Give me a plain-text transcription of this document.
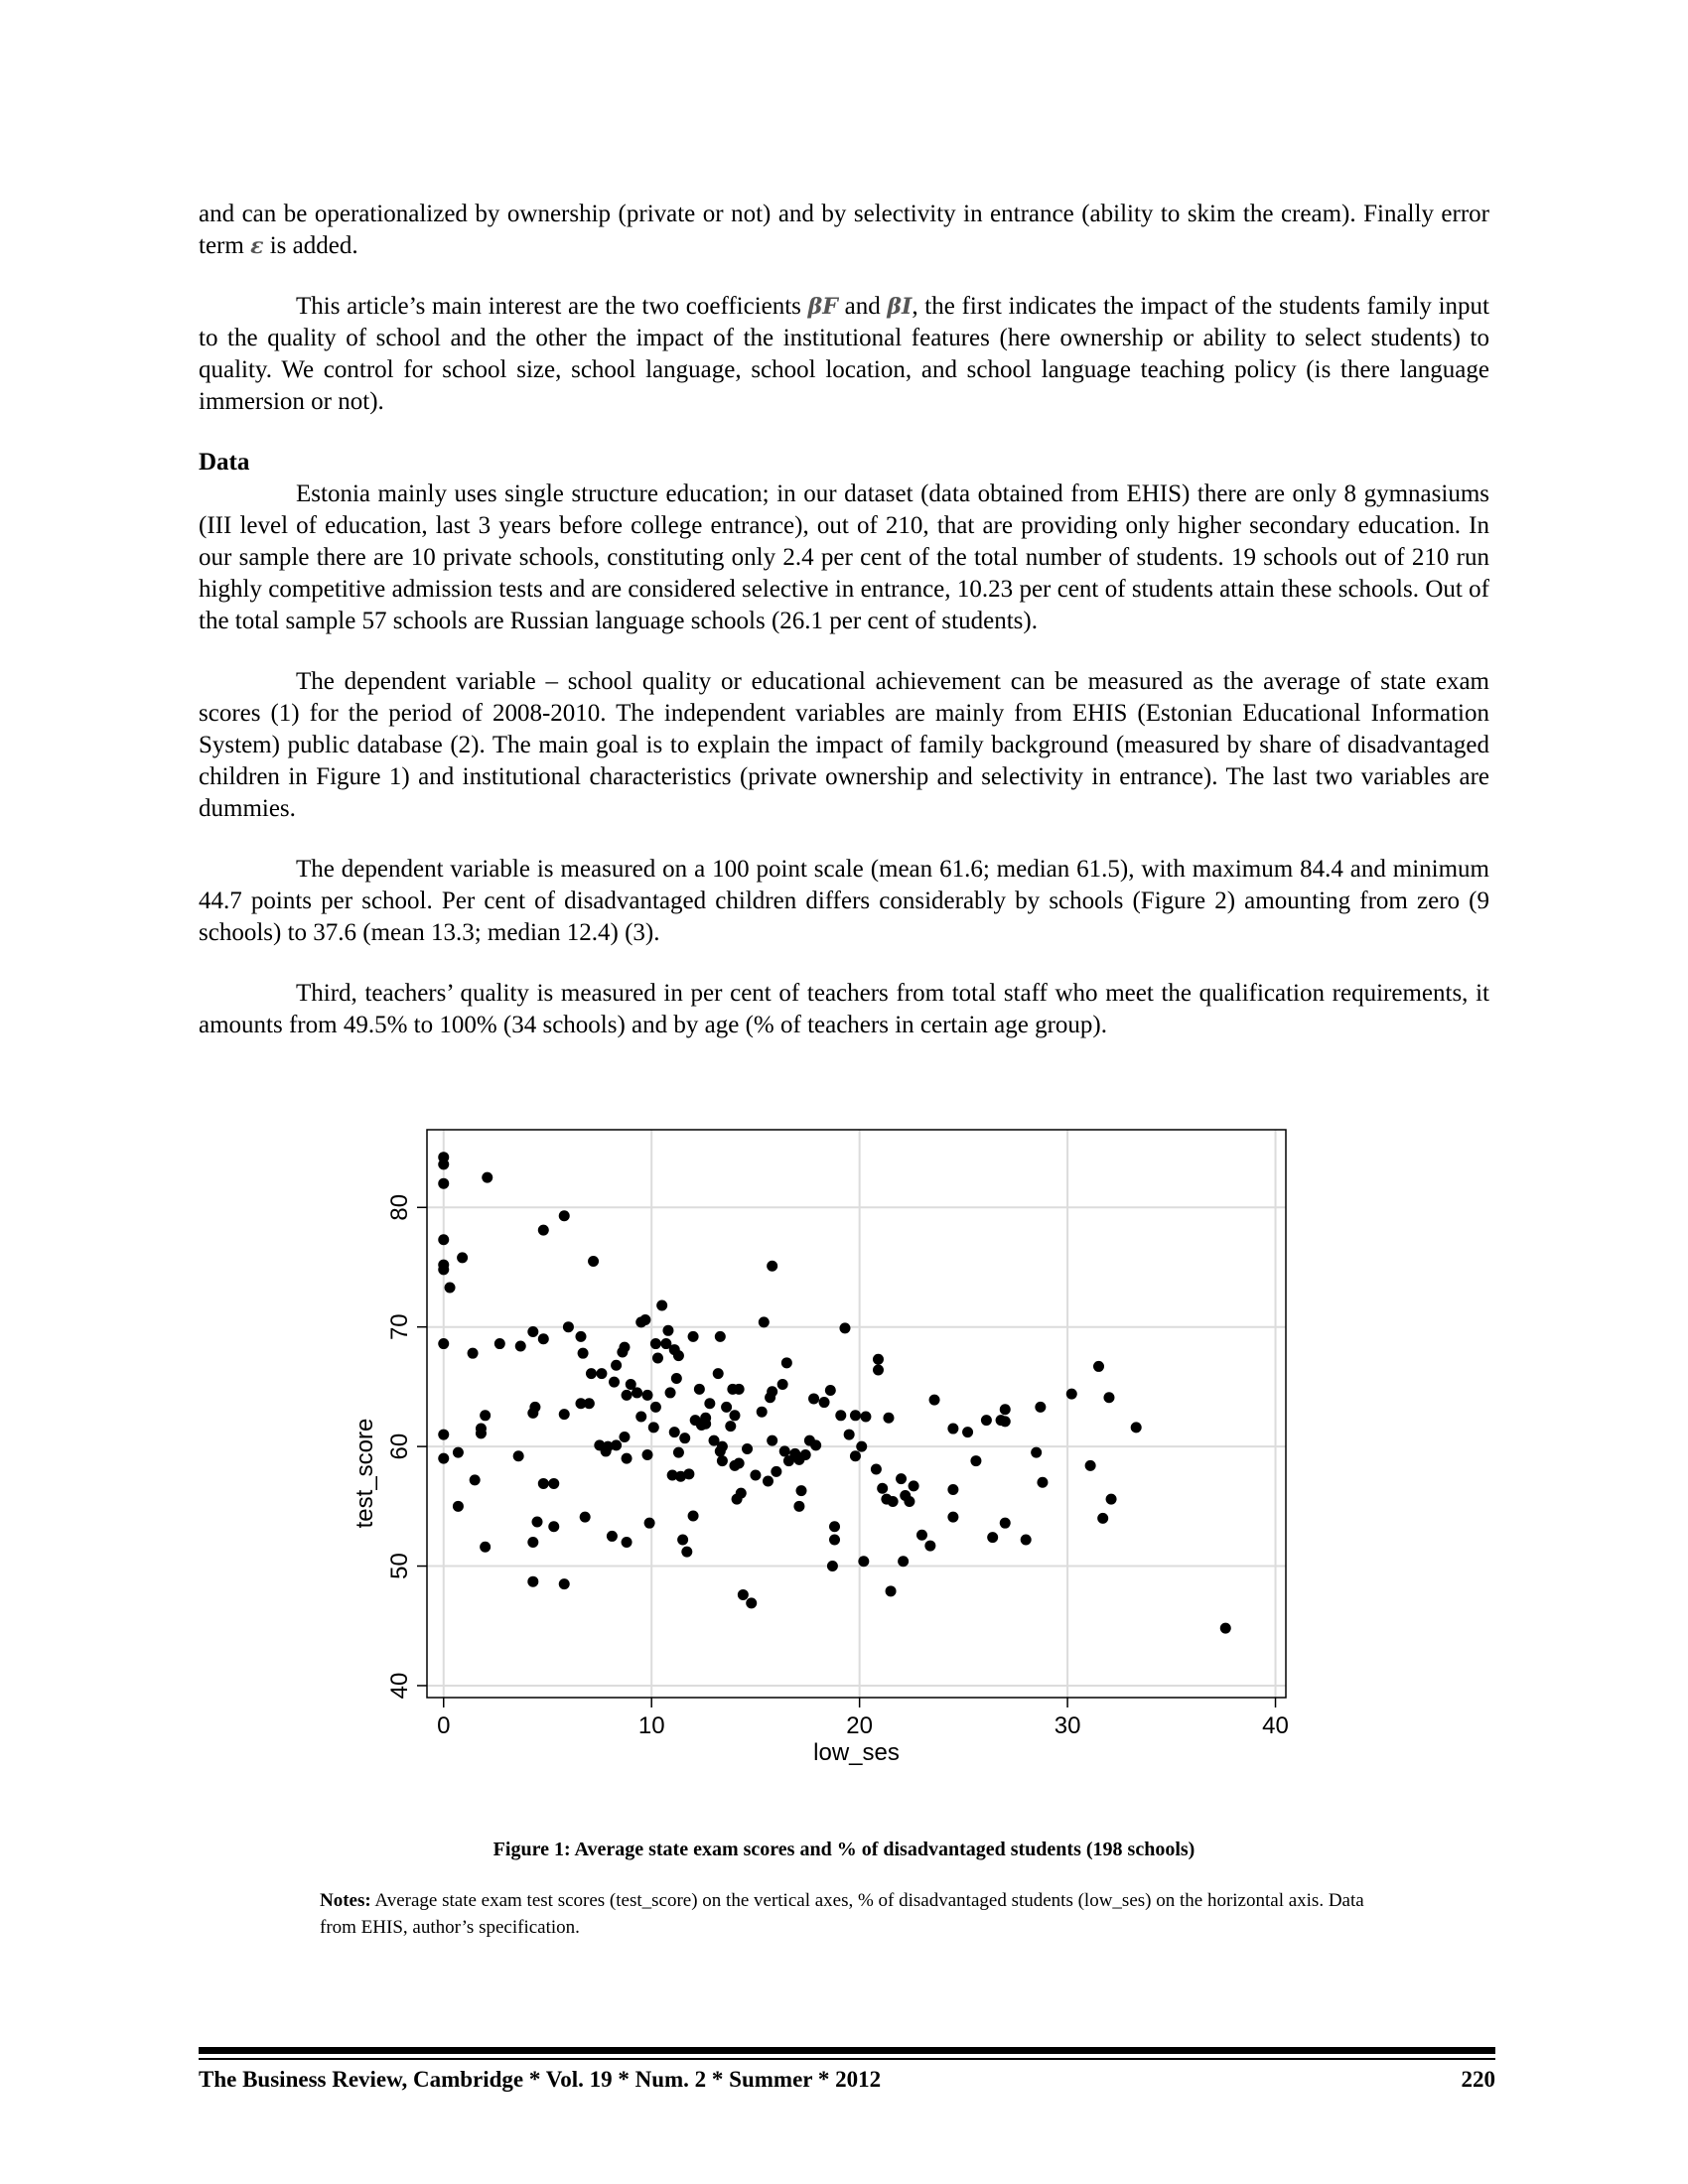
and can be operationalized by ownership (private or not) and by selectivity in entrance (ability to skim the cream). Finally error term ε is added.

This article’s main interest are the two coefficients βF and βI, the first indicates the impact of the students family input to the quality of school and the other the impact of the institutional features (here ownership or ability to select students) to quality. We control for school size, school language, school location, and school language teaching policy (is there language immersion or not).

Data

Estonia mainly uses single structure education; in our dataset (data obtained from EHIS) there are only 8 gymnasiums (III level of education, last 3 years before college entrance), out of 210, that are providing only higher secondary education. In our sample there are 10 private schools, constituting only 2.4 per cent of the total number of students. 19 schools out of 210 run highly competitive admission tests and are considered selective in entrance, 10.23 per cent of students attain these schools. Out of the total sample 57 schools are Russian language schools (26.1 per cent of students).

The dependent variable – school quality or educational achievement can be measured as the average of state exam scores (1) for the period of 2008-2010. The independent variables are mainly from EHIS (Estonian Educational Information System) public database (2). The main goal is to explain the impact of family background (measured by share of disadvantaged children in Figure 1) and institutional characteristics (private ownership and selectivity in entrance). The last two variables are dummies.

The dependent variable is measured on a 100 point scale (mean 61.6; median 61.5), with maximum 84.4 and minimum 44.7 points per school. Per cent of disadvantaged children differs considerably by schools (Figure 2) amounting from zero (9 schools) to 37.6 (mean 13.3; median 12.4) (3).

Third, teachers’ quality is measured in per cent of teachers from total staff who meet the qualification requirements, it amounts from 49.5% to 100% (34 schools) and by age (% of teachers in certain age group).

0	10	20	30	40
40
50
60
70
80
low_ses
test_score
Figure 1: Average state exam scores and % of disadvantaged students (198 schools)
Notes: Average state exam test scores (test_score) on the vertical axes, % of disadvantaged students (low_ses) on the horizontal axis. Data from EHIS, author’s specification.
The Business Review, Cambridge * Vol. 19 * Num. 2 * Summer * 2012	220
